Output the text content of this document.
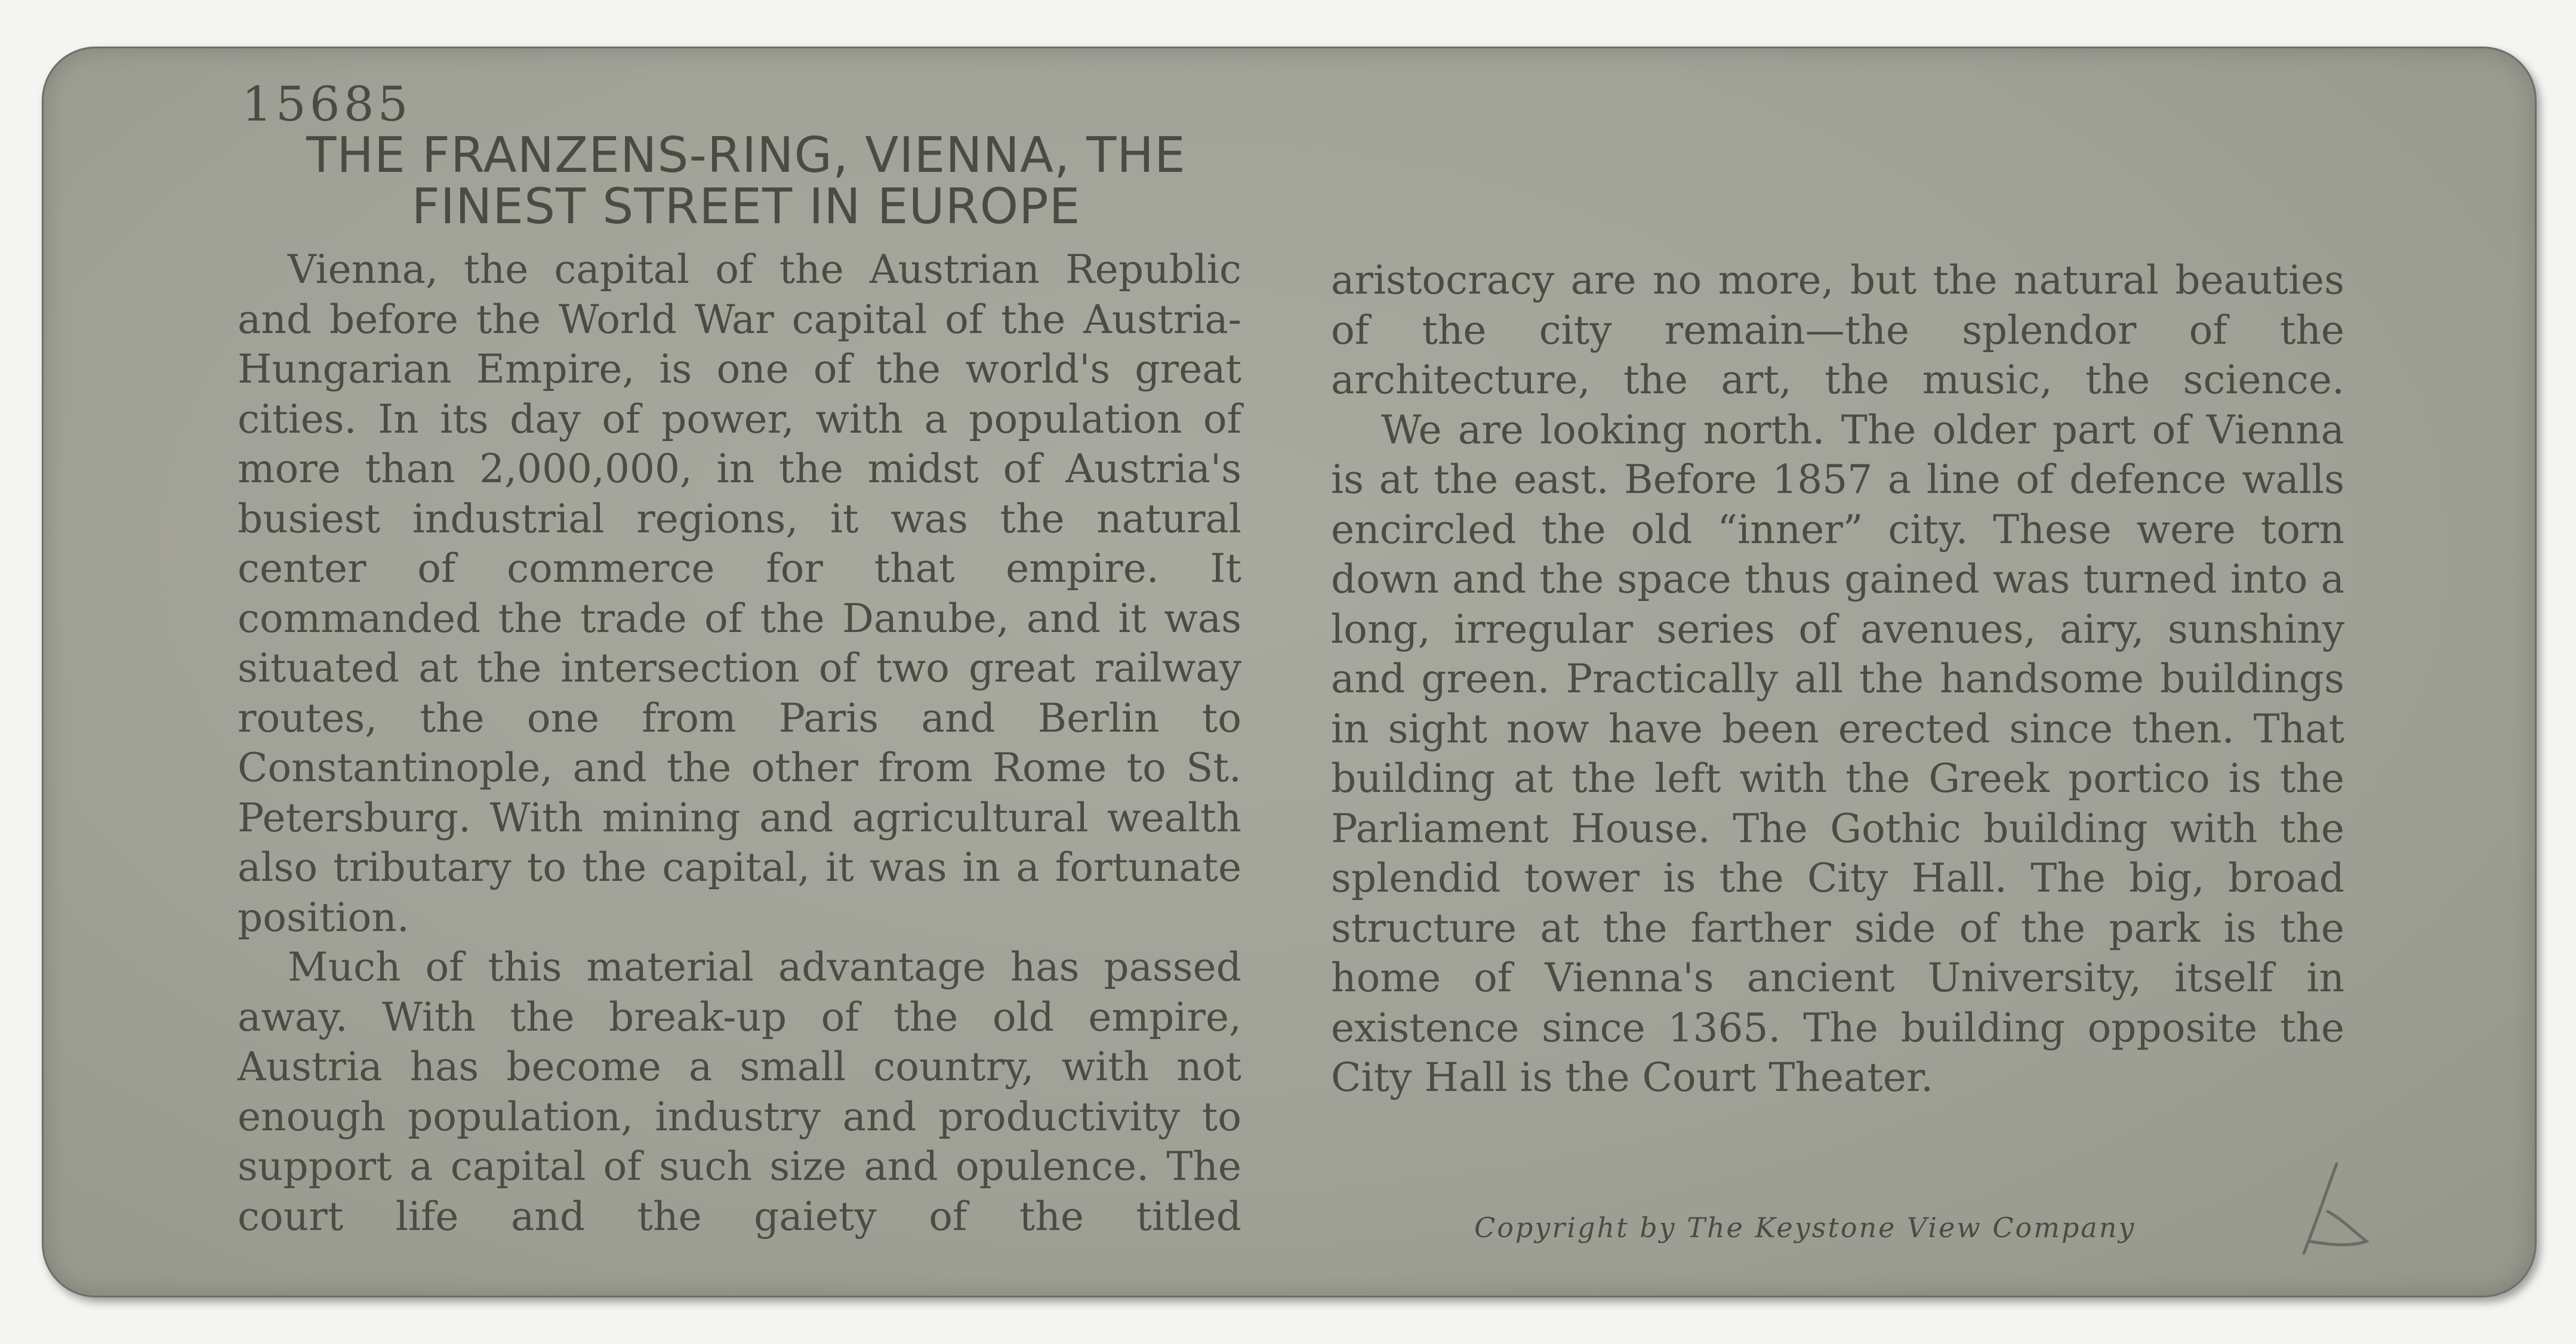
15685
THE FRANZENS-RING, VIENNA, THE
FINEST STREET IN EUROPE

Vienna, the capital of the Austrian Republic and before the World War capital of the Austria-Hungarian Empire, is one of the world's great cities. In its day of power, with a population of more than 2,000,000, in the midst of Austria's busiest industrial regions, it was the natural center of commerce for that empire. It commanded the trade of the Danube, and it was situated at the intersection of two great railway routes, the one from Paris and Berlin to Constantinople, and the other from Rome to St. Petersburg. With mining and agricultural wealth also tributary to the capital, it was in a fortunate position.

Much of this material advantage has passed away. With the break-up of the old empire, Austria has become a small country, with not enough population, industry and productivity to support a capital of such size and opulence. The court life and the gaiety of the titled

aristocracy are no more, but the natural beauties of the city remain—the splendor of the architecture, the art, the music, the science.

We are looking north. The older part of Vienna is at the east. Before 1857 a line of defence walls encircled the old “inner” city. These were torn down and the space thus gained was turned into a long, irregular series of avenues, airy, sunshiny and green. Practically all the handsome buildings in sight now have been erected since then. That building at the left with the Greek portico is the Parliament House. The Gothic building with the splendid tower is the City Hall. The big, broad structure at the farther side of the park is the home of Vienna's ancient University, itself in existence since 1365. The building opposite the City Hall is the Court Theater.

Copyright by The Keystone View Company
